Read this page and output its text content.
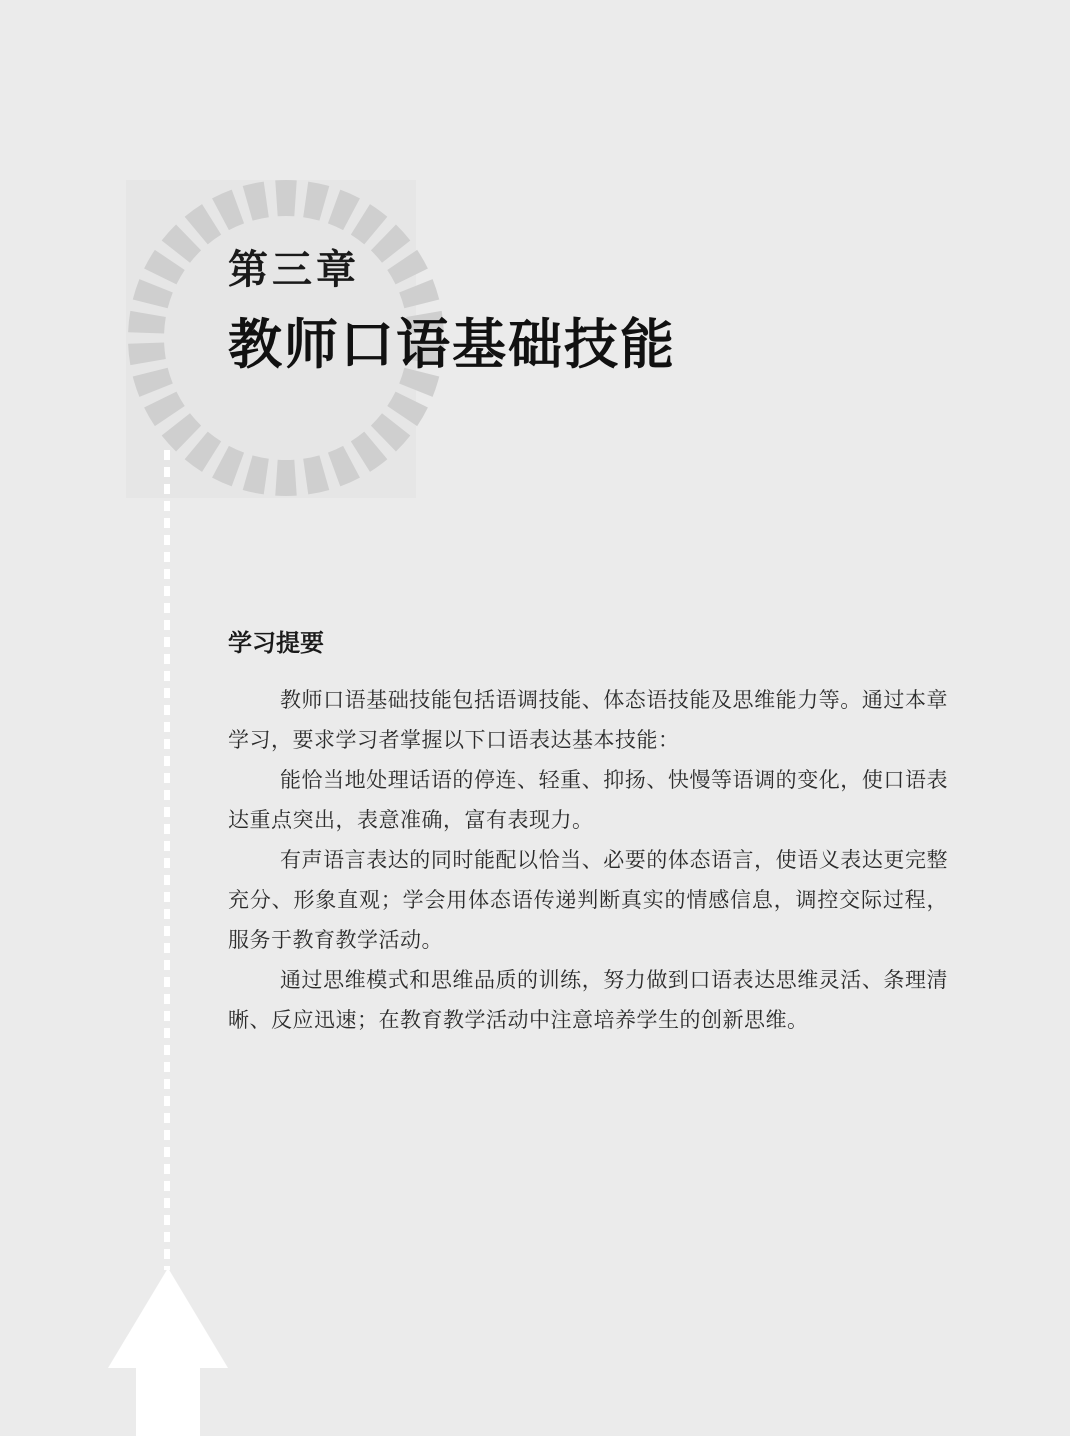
第三章
教师口语基础技能
学习提要

教师口语基础技能包括语调技能、体态语技能及思维能力等。通过本章学习，要求学习者掌握以下口语表达基本技能：

能恰当地处理话语的停连、轻重、抑扬、快慢等语调的变化，使口语表达重点突出，表意准确，富有表现力。

有声语言表达的同时能配以恰当、必要的体态语言，使语义表达更完整充分、形象直观；学会用体态语传递判断真实的情感信息，调控交际过程，服务于教育教学活动。

通过思维模式和思维品质的训练，努力做到口语表达思维灵活、条理清晰、反应迅速；在教育教学活动中注意培养学生的创新思维。
